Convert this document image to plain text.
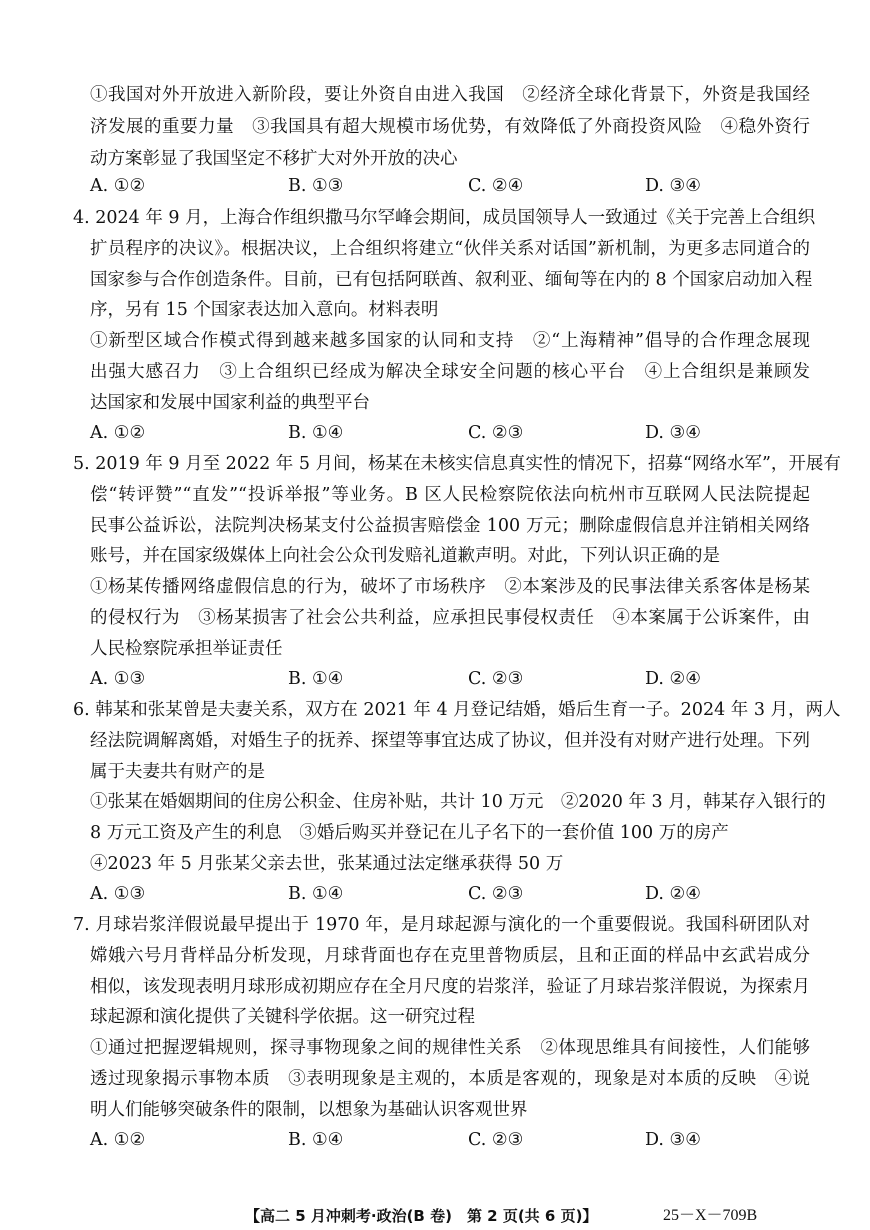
①我国对外开放进入新阶段，要让外资自由进入我国　②经济全球化背景下，外资是我国经
济发展的重要力量　③我国具有超大规模市场优势，有效降低了外商投资风险　④稳外资行
动方案彰显了我国坚定不移扩大对外开放的决心
A. ①②	B. ①③	C. ②④	D. ③④
4. 2024 年 9 月，上海合作组织撒马尔罕峰会期间，成员国领导人一致通过《关于完善上合组织
扩员程序的决议》。根据决议，上合组织将建立“伙伴关系对话国”新机制，为更多志同道合的
国家参与合作创造条件。目前，已有包括阿联酋、叙利亚、缅甸等在内的 8 个国家启动加入程
序，另有 15 个国家表达加入意向。材料表明
①新型区域合作模式得到越来越多国家的认同和支持　②“上海精神”倡导的合作理念展现
出强大感召力　③上合组织已经成为解决全球安全问题的核心平台　④上合组织是兼顾发
达国家和发展中国家利益的典型平台
A. ①②	B. ①④	C. ②③	D. ③④
5. 2019 年 9 月至 2022 年 5 月间，杨某在未核实信息真实性的情况下，招募“网络水军”，开展有
偿“转评赞”“直发”“投诉举报”等业务。B 区人民检察院依法向杭州市互联网人民法院提起
民事公益诉讼，法院判决杨某支付公益损害赔偿金 100 万元；删除虚假信息并注销相关网络
账号，并在国家级媒体上向社会公众刊发赔礼道歉声明。对此，下列认识正确的是
①杨某传播网络虚假信息的行为，破坏了市场秩序　②本案涉及的民事法律关系客体是杨某
的侵权行为　③杨某损害了社会公共利益，应承担民事侵权责任　④本案属于公诉案件，由
人民检察院承担举证责任
A. ①③	B. ①④	C. ②③	D. ②④
6. 韩某和张某曾是夫妻关系，双方在 2021 年 4 月登记结婚，婚后生育一子。2024 年 3 月，两人
经法院调解离婚，对婚生子的抚养、探望等事宜达成了协议，但并没有对财产进行处理。下列
属于夫妻共有财产的是
①张某在婚姻期间的住房公积金、住房补贴，共计 10 万元　②2020 年 3 月，韩某存入银行的
8 万元工资及产生的利息　③婚后购买并登记在儿子名下的一套价值 100 万的房产
④2023 年 5 月张某父亲去世，张某通过法定继承获得 50 万
A. ①③	B. ①④	C. ②③	D. ②④
7. 月球岩浆洋假说最早提出于 1970 年，是月球起源与演化的一个重要假说。我国科研团队对
嫦娥六号月背样品分析发现，月球背面也存在克里普物质层，且和正面的样品中玄武岩成分
相似，该发现表明月球形成初期应存在全月尺度的岩浆洋，验证了月球岩浆洋假说，为探索月
球起源和演化提供了关键科学依据。这一研究过程
①通过把握逻辑规则，探寻事物现象之间的规律性关系　②体现思维具有间接性，人们能够
透过现象揭示事物本质　③表明现象是主观的，本质是客观的，现象是对本质的反映　④说
明人们能够突破条件的限制，以想象为基础认识客观世界
A. ①②	B. ①④	C. ②③	D. ③④
【高二 5 月冲刺考·政治(B 卷)　第 2 页(共 6 页)】	25－X－709B
